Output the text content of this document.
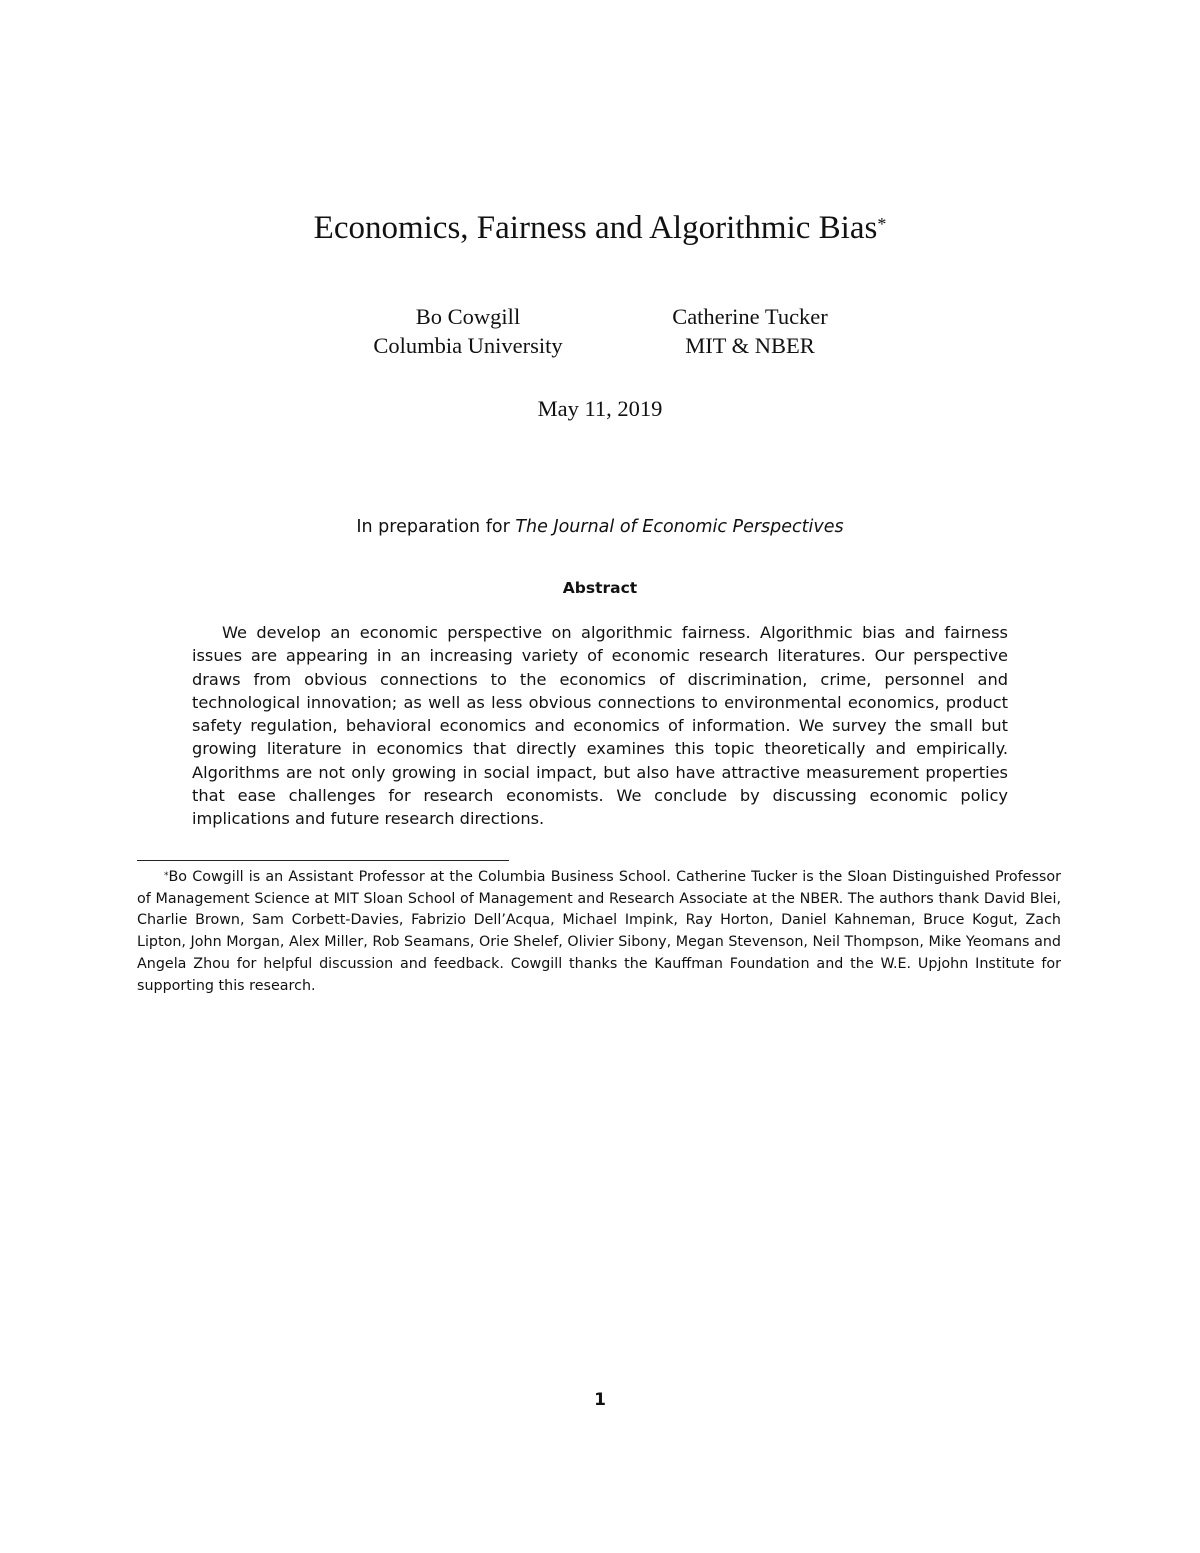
Economics, Fairness and Algorithmic Bias*
Bo Cowgill
Columbia University
Catherine Tucker
MIT & NBER
May 11, 2019
In preparation for The Journal of Economic Perspectives
Abstract

We develop an economic perspective on algorithmic fairness. Algorithmic bias and fairness issues are appearing in an increasing variety of economic research literatures. Our perspective draws from obvious connections to the economics of discrimination, crime, personnel and technological innovation; as well as less obvious connections to environmental economics, product safety regulation, behavioral economics and economics of information. We survey the small but growing literature in economics that directly examines this topic theoretically and empirically. Algorithms are not only growing in social impact, but also have attractive measurement properties that ease challenges for research economists. We conclude by discussing economic policy implications and future research directions.

*Bo Cowgill is an Assistant Professor at the Columbia Business School. Catherine Tucker is the Sloan Distinguished Professor of Management Science at MIT Sloan School of Management and Research Associate at the NBER. The authors thank David Blei, Charlie Brown, Sam Corbett-Davies, Fabrizio Dell’Acqua, Michael Impink, Ray Horton, Daniel Kahneman, Bruce Kogut, Zach Lipton, John Morgan, Alex Miller, Rob Seamans, Orie Shelef, Olivier Sibony, Megan Stevenson, Neil Thompson, Mike Yeomans and Angela Zhou for helpful discussion and feedback. Cowgill thanks the Kauffman Foundation and the W.E. Upjohn Institute for supporting this research.

1
